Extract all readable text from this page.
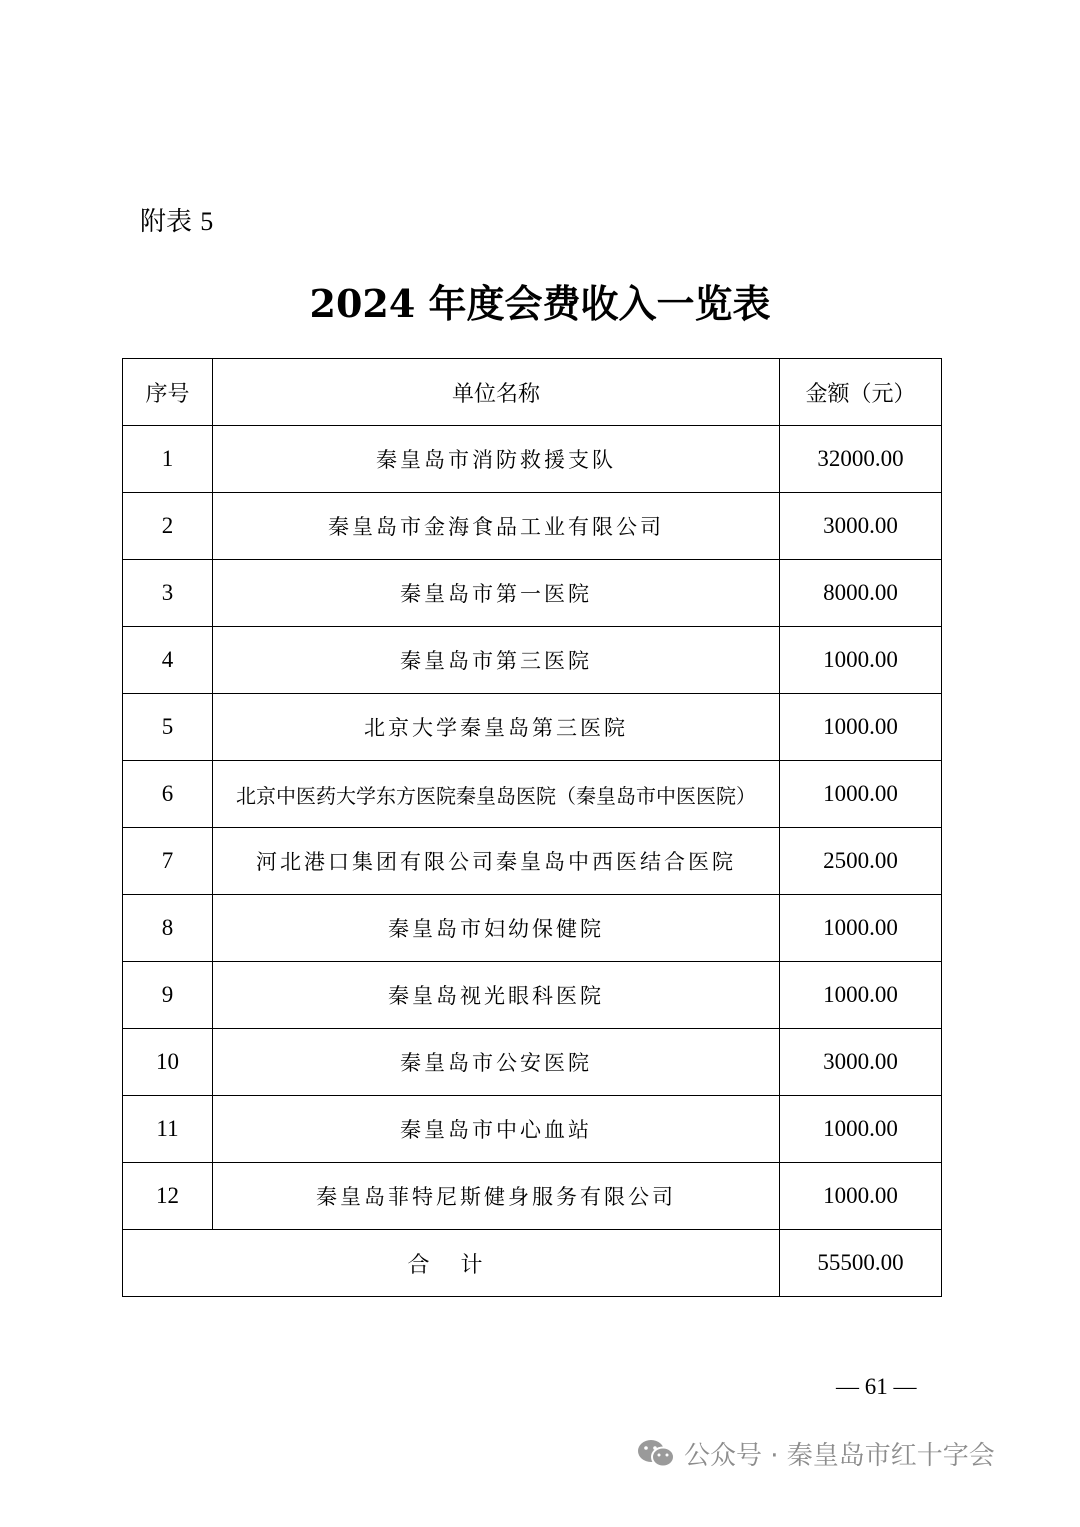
附表 5
2024 年度会费收入一览表
序号	单位名称	金额（元）
1	秦皇岛市消防救援支队	32000.00
2	秦皇岛市金海食品工业有限公司	3000.00
3	秦皇岛市第一医院	8000.00
4	秦皇岛市第三医院	1000.00
5	北京大学秦皇岛第三医院	1000.00
6	北京中医药大学东方医院秦皇岛医院（秦皇岛市中医医院）	1000.00
7	河北港口集团有限公司秦皇岛中西医结合医院	2500.00
8	秦皇岛市妇幼保健院	1000.00
9	秦皇岛视光眼科医院	1000.00
10	秦皇岛市公安医院	3000.00
11	秦皇岛市中心血站	1000.00
12	秦皇岛菲特尼斯健身服务有限公司	1000.00
合 计		55500.00
— 61 —
公众号 · 秦皇岛市红十字会
